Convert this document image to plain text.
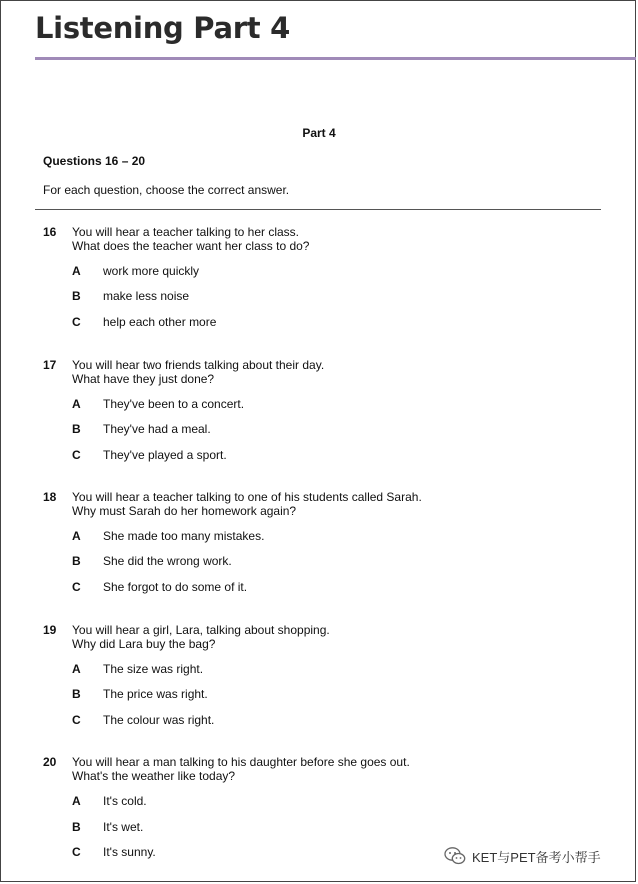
Listening Part 4
Part 4
Questions 16 – 20
For each question, choose the correct answer.
16 You will hear a teacher talking to her class.
What does the teacher want her class to do?
A work more quickly
B make less noise
C help each other more
17 You will hear two friends talking about their day.
What have they just done?
A They've been to a concert.
B They've had a meal.
C They've played a sport.
18 You will hear a teacher talking to one of his students called Sarah.
Why must Sarah do her homework again?
A She made too many mistakes.
B She did the wrong work.
C She forgot to do some of it.
19 You will hear a girl, Lara, talking about shopping.
Why did Lara buy the bag?
A The size was right.
B The price was right.
C The colour was right.
20 You will hear a man talking to his daughter before she goes out.
What's the weather like today?
A It's cold.
B It's wet.
C It's sunny.	KET与PET备考小帮手
